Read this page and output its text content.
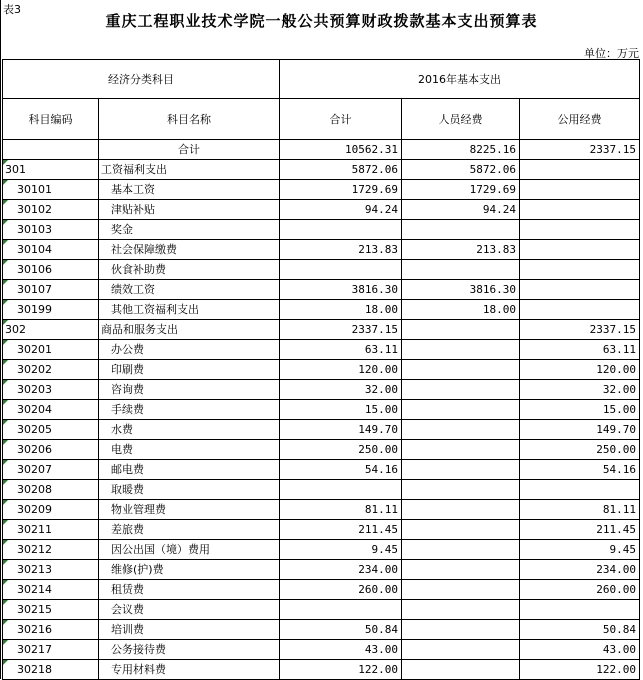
表3
重庆工程职业技术学院一般公共预算财政拨款基本支出预算表
单位：万元
经济分类科目		2016年基本支出		
科目编码	科目名称	合计	人员经费	公用经费
	合计	10562.31	8225.16	2337.15

301	工资福利支出	5872.06	5872.06	

30101	基本工资	1729.69	1729.69	

30102	津贴补贴	94.24	94.24	

30103	奖金			

30104	社会保障缴费	213.83	213.83	

30106	伙食补助费			

30107	绩效工资	3816.30	3816.30	

30199	其他工资福利支出	18.00	18.00	

302	商品和服务支出	2337.15		2337.15

30201	办公费	63.11		63.11

30202	印刷费	120.00		120.00

30203	咨询费	32.00		32.00

30204	手续费	15.00		15.00

30205	水费	149.70		149.70

30206	电费	250.00		250.00

30207	邮电费	54.16		54.16

30208	取暖费			

30209	物业管理费	81.11		81.11

30211	差旅费	211.45		211.45

30212	因公出国（境）费用	9.45		9.45

30213	维修(护)费	234.00		234.00

30214	租赁费	260.00		260.00

30215	会议费			

30216	培训费	50.84		50.84

30217	公务接待费	43.00		43.00

30218	专用材料费	122.00		122.00
